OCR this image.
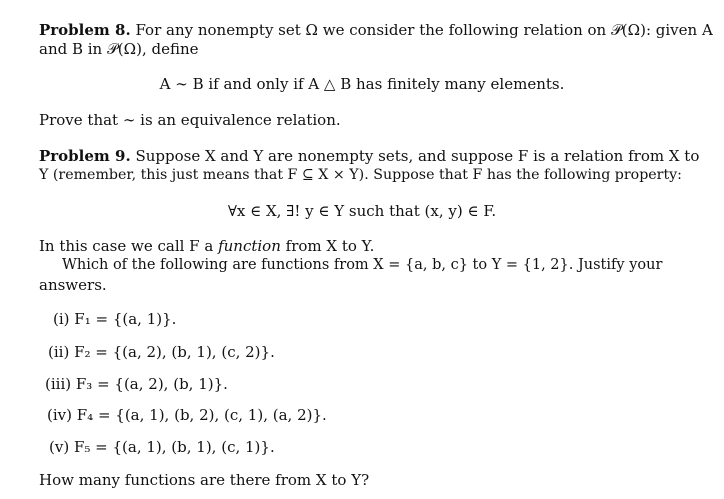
Problem 8. For any nonempty set Ω we consider the following relation on 𝒫(Ω): given A
and B in 𝒫(Ω), define
A ∼ B if and only if A △ B has finitely many elements.
Prove that ∼ is an equivalence relation.
Problem 9. Suppose X and Y are nonempty sets, and suppose F is a relation from X to
Y (remember, this just means that F ⊆ X × Y). Suppose that F has the following property:
∀x ∈ X, ∃! y ∈ Y such that (x, y) ∈ F.
In this case we call F a function from X to Y.
Which of the following are functions from X = {a, b, c} to Y = {1, 2}. Justify your
answers.
(i) F₁ = {(a, 1)}.
(ii) F₂ = {(a, 2), (b, 1), (c, 2)}.
(iii) F₃ = {(a, 2), (b, 1)}.
(iv) F₄ = {(a, 1), (b, 2), (c, 1), (a, 2)}.
(v) F₅ = {(a, 1), (b, 1), (c, 1)}.
How many functions are there from X to Y?
